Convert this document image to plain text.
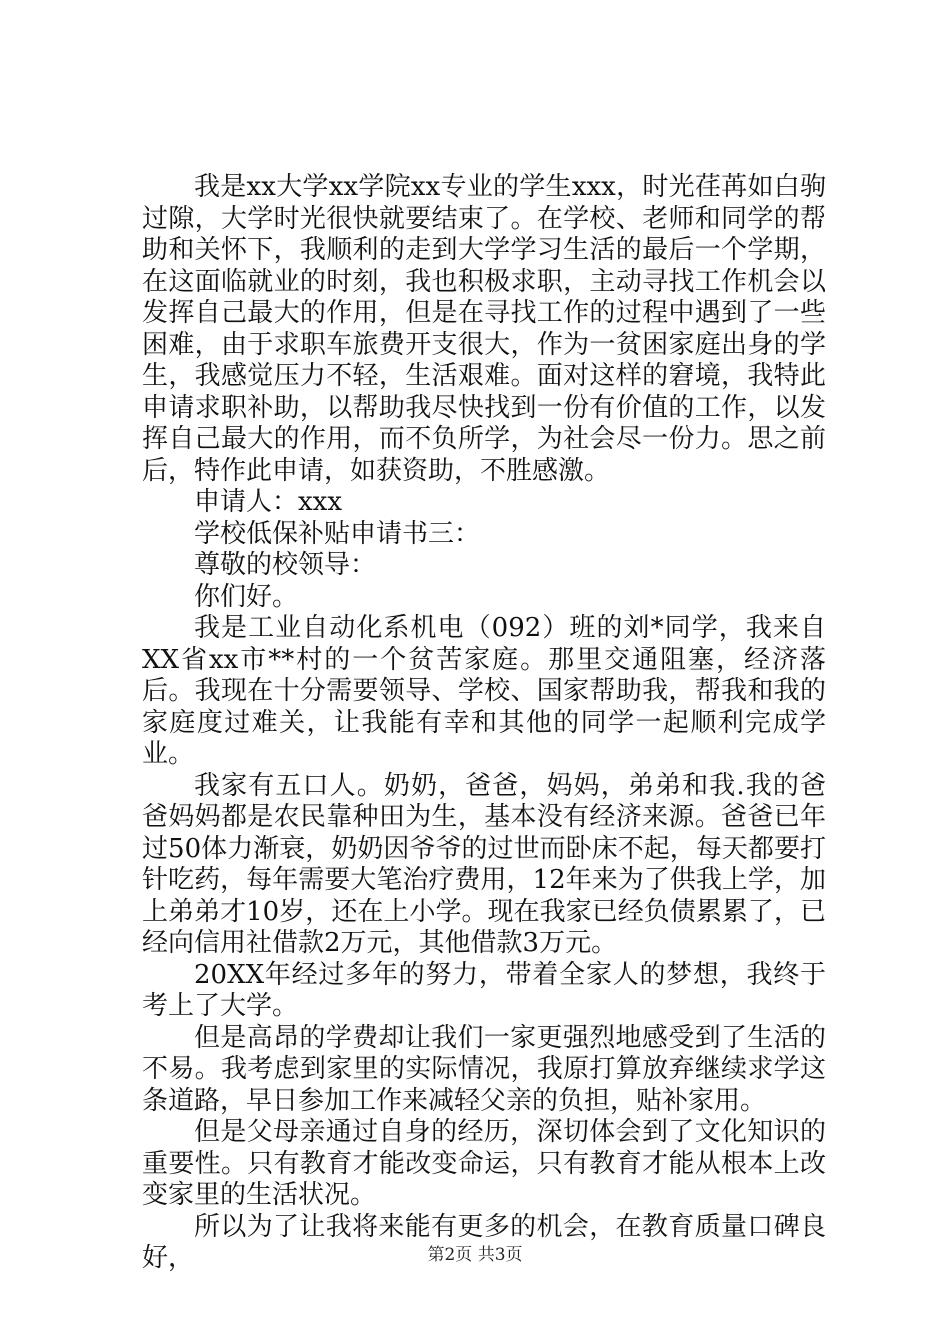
我是xx大学xx学院xx专业的学生xxx，时光荏苒如白驹过隙，大学时光很快就要结束了。在学校、老师和同学的帮助和关怀下，我顺利的走到大学学习生活的最后一个学期，在这面临就业的时刻，我也积极求职，主动寻找工作机会以发挥自己最大的作用，但是在寻找工作的过程中遇到了一些困难，由于求职车旅费开支很大，作为一贫困家庭出身的学生，我感觉压力不轻，生活艰难。面对这样的窘境，我特此申请求职补助，以帮助我尽快找到一份有价值的工作，以发挥自己最大的作用，而不负所学，为社会尽一份力。思之前后，特作此申请，如获资助，不胜感激。

申请人：xxx

学校低保补贴申请书三：

尊敬的校领导：

你们好。

我是工业自动化系机电（092）班的刘*同学，我来自XX省xx市**村的一个贫苦家庭。那里交通阻塞，经济落后。我现在十分需要领导、学校、国家帮助我，帮我和我的家庭度过难关，让我能有幸和其他的同学一起顺利完成学业。

我家有五口人。奶奶，爸爸，妈妈，弟弟和我.我的爸爸妈妈都是农民靠种田为生，基本没有经济来源。爸爸已年过50体力渐衰，奶奶因爷爷的过世而卧床不起，每天都要打针吃药，每年需要大笔治疗费用，12年来为了供我上学，加上弟弟才10岁，还在上小学。现在我家已经负债累累了，已经向信用社借款2万元，其他借款3万元。

20XX年经过多年的努力，带着全家人的梦想，我终于考上了大学。

但是高昂的学费却让我们一家更强烈地感受到了生活的不易。我考虑到家里的实际情况，我原打算放弃继续求学这条道路，早日参加工作来减轻父亲的负担，贴补家用。

但是父母亲通过自身的经历，深切体会到了文化知识的重要性。只有教育才能改变命运，只有教育才能从根本上改变家里的生活状况。

所以为了让我将来能有更多的机会，在教育质量口碑良好，	第2页 共3页
